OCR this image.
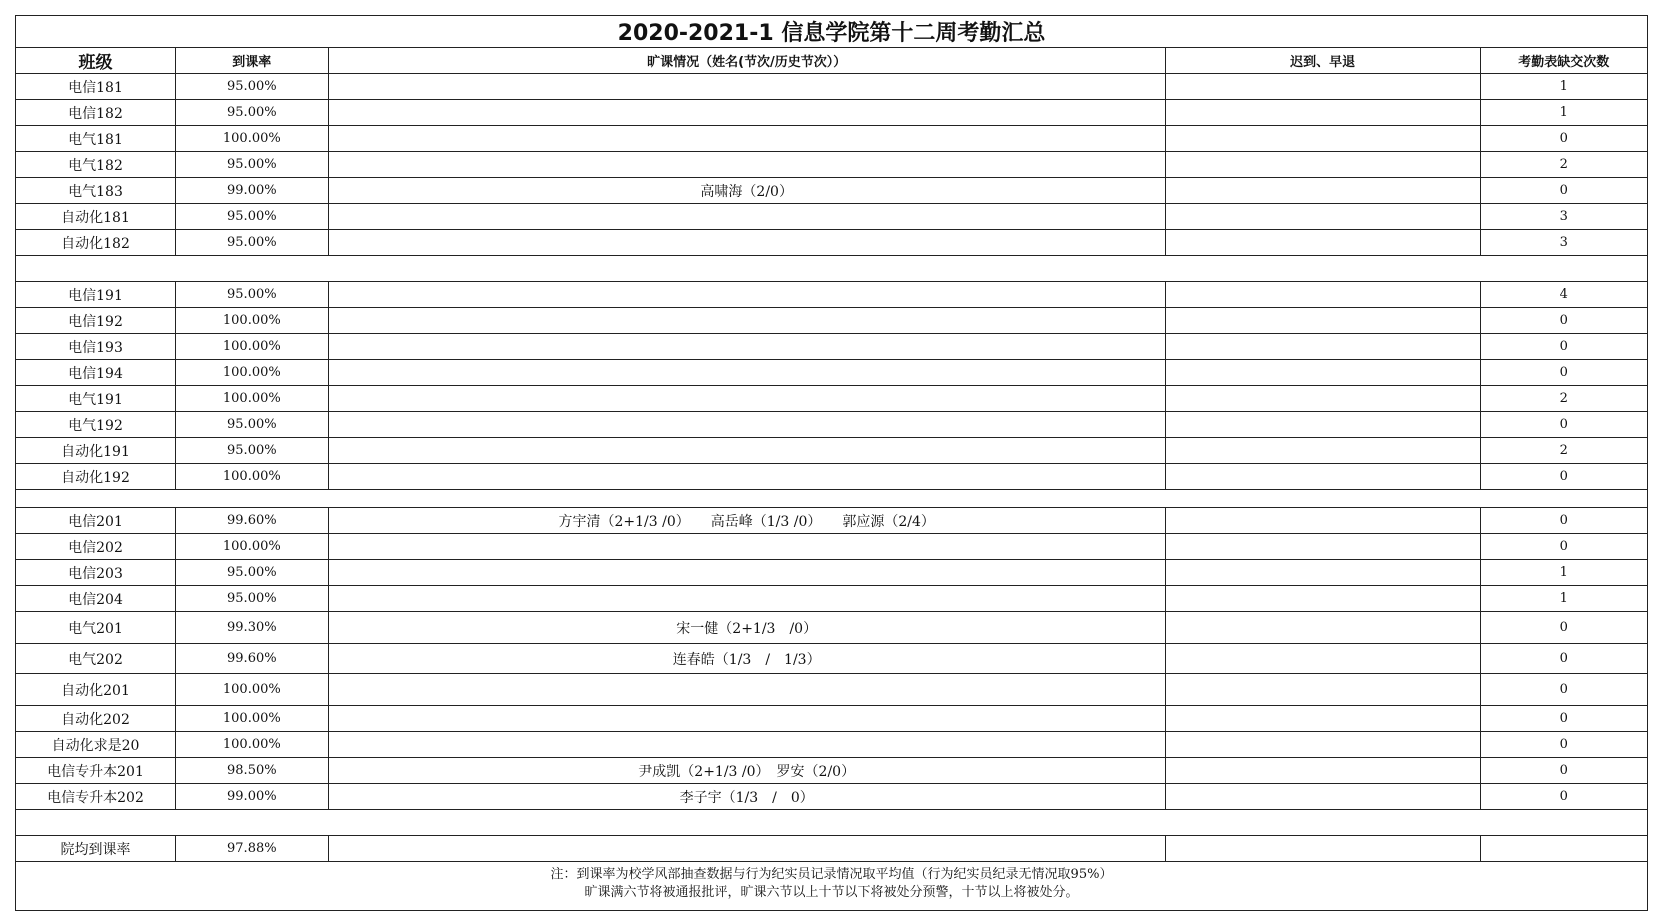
2020-2021-1 信息学院第十二周考勤汇总				
班级	到课率	旷课情况（姓名(节次/历史节次））	迟到、早退	考勤表缺交次数
电信181	95.00%			1
电信182	95.00%			1
电气181	100.00%			0
电气182	95.00%			2
电气183	99.00%	高啸海（2/0）		0
自动化181	95.00%			3
自动化182	95.00%			3

电信191	95.00%			4
电信192	100.00%			0
电信193	100.00%			0
电信194	100.00%			0
电气191	100.00%			2
电气192	95.00%			0
自动化191	95.00%			2
自动化192	100.00%			0

电信201	99.60%	方宇清（2+1/3 /0）　　高岳峰（1/3 /0）　　郭应源（2/4）		0
电信202	100.00%			0
电信203	95.00%			1
电信204	95.00%			1
电气201	99.30%	宋一健（2+1/3　/0）		0
电气202	99.60%	连春皓（1/3　/　1/3）		0
自动化201	100.00%			0
自动化202	100.00%			0
自动化求是20	100.00%			0
电信专升本201	98.50%	尹成凯（2+1/3 /0）　罗安（2/0）		0
电信专升本202	99.00%	李子宇（1/3　/　0）		0

院均到课率	97.88%			

注：到课率为校学风部抽查数据与行为纪实员记录情况取平均值（行为纪实员纪录无情况取95%）
旷课满六节将被通报批评，旷课六节以上十节以下将被处分预警，十节以上将被处分。				
